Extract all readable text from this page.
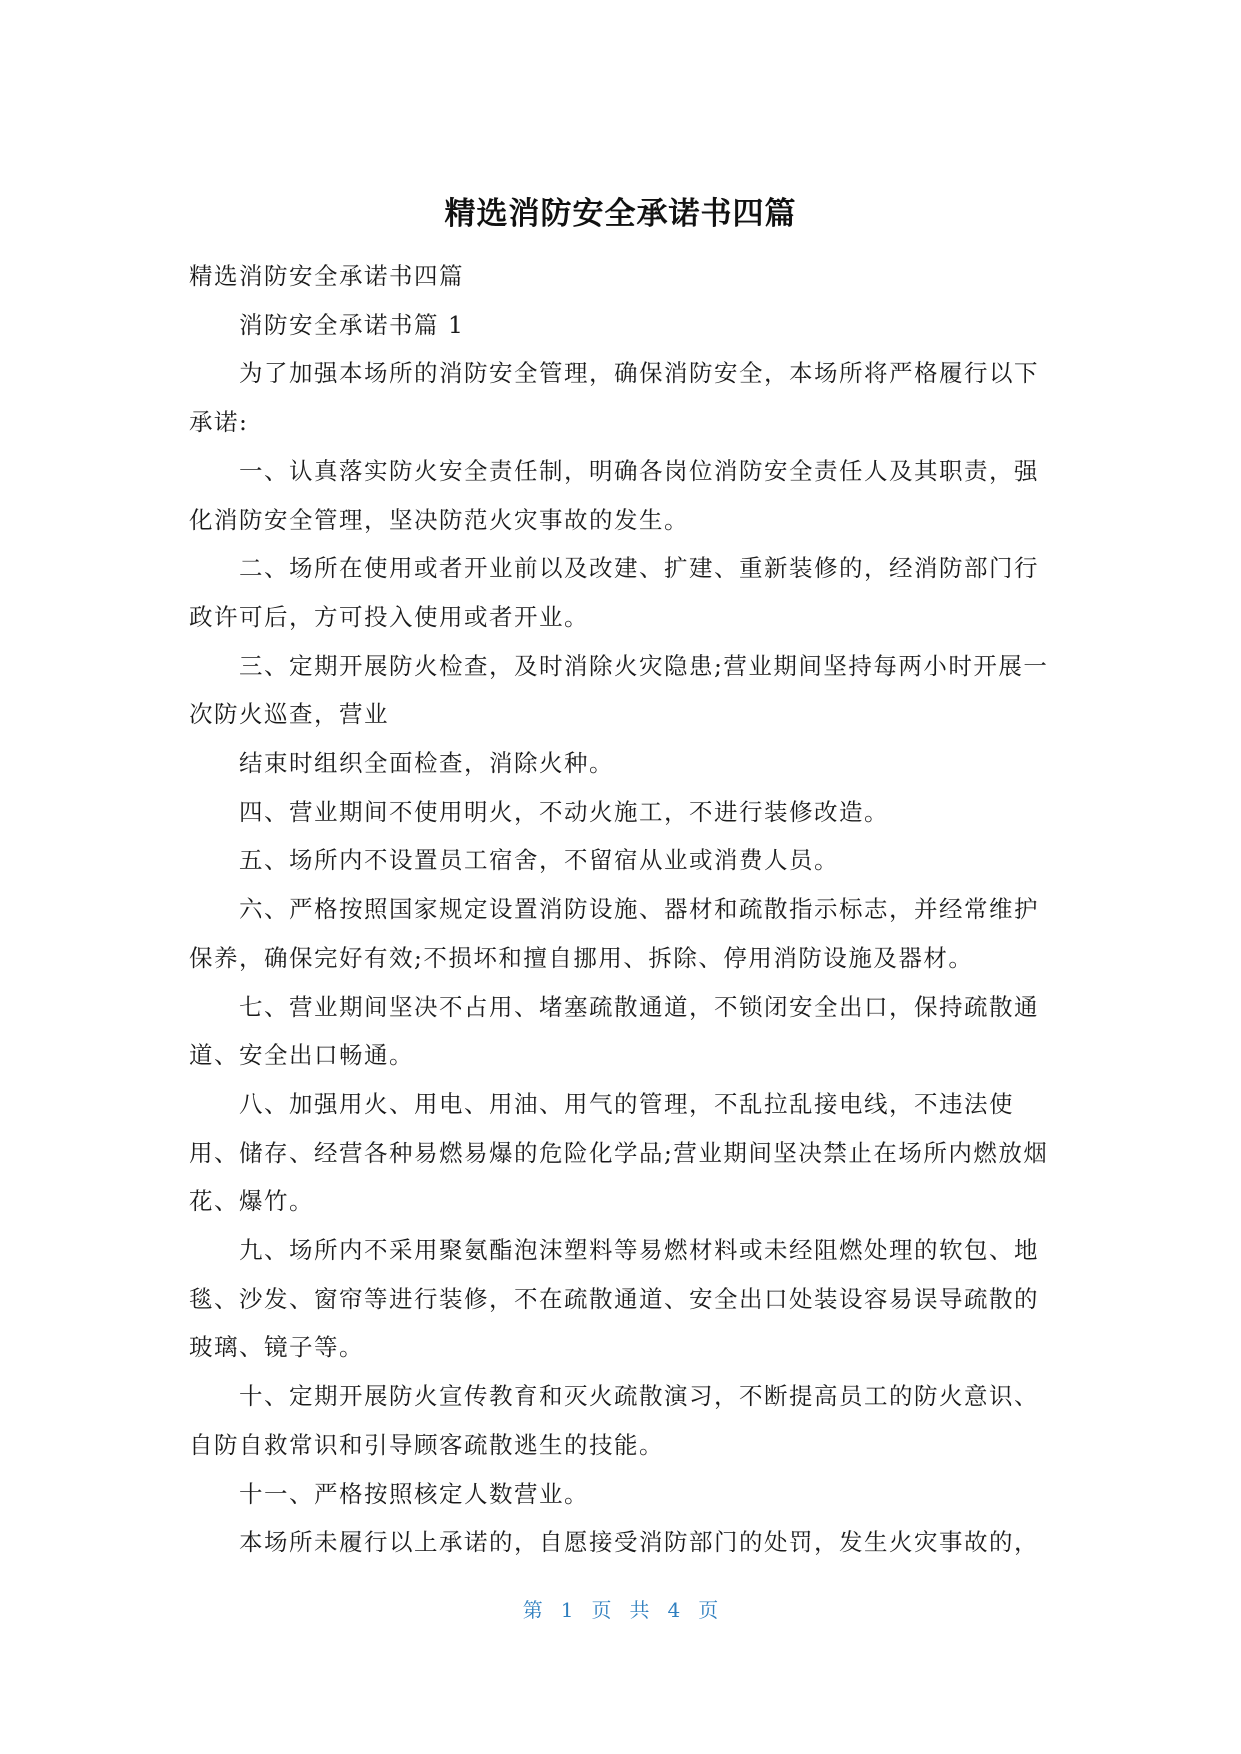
精选消防安全承诺书四篇

精选消防安全承诺书四篇

消防安全承诺书篇 1

为了加强本场所的消防安全管理，确保消防安全，本场所将严格履行以下承诺:

一、认真落实防火安全责任制，明确各岗位消防安全责任人及其职责，强化消防安全管理，坚决防范火灾事故的发生。

二、场所在使用或者开业前以及改建、扩建、重新装修的，经消防部门行政许可后，方可投入使用或者开业。

三、定期开展防火检查，及时消除火灾隐患;营业期间坚持每两小时开展一次防火巡查，营业

结束时组织全面检查，消除火种。

四、营业期间不使用明火，不动火施工，不进行装修改造。

五、场所内不设置员工宿舍，不留宿从业或消费人员。

六、严格按照国家规定设置消防设施、器材和疏散指示标志，并经常维护保养，确保完好有效;不损坏和擅自挪用、拆除、停用消防设施及器材。

七、营业期间坚决不占用、堵塞疏散通道，不锁闭安全出口，保持疏散通道、安全出口畅通。

八、加强用火、用电、用油、用气的管理，不乱拉乱接电线，不违法使用、储存、经营各种易燃易爆的危险化学品;营业期间坚决禁止在场所内燃放烟花、爆竹。

九、场所内不采用聚氨酯泡沫塑料等易燃材料或未经阻燃处理的软包、地毯、沙发、窗帘等进行装修，不在疏散通道、安全出口处装设容易误导疏散的玻璃、镜子等。

十、定期开展防火宣传教育和灭火疏散演习，不断提高员工的防火意识、自防自救常识和引导顾客疏散逃生的技能。

十一、严格按照核定人数营业。

本场所未履行以上承诺的，自愿接受消防部门的处罚，发生火灾事故的，

第 1 页 共 4 页
